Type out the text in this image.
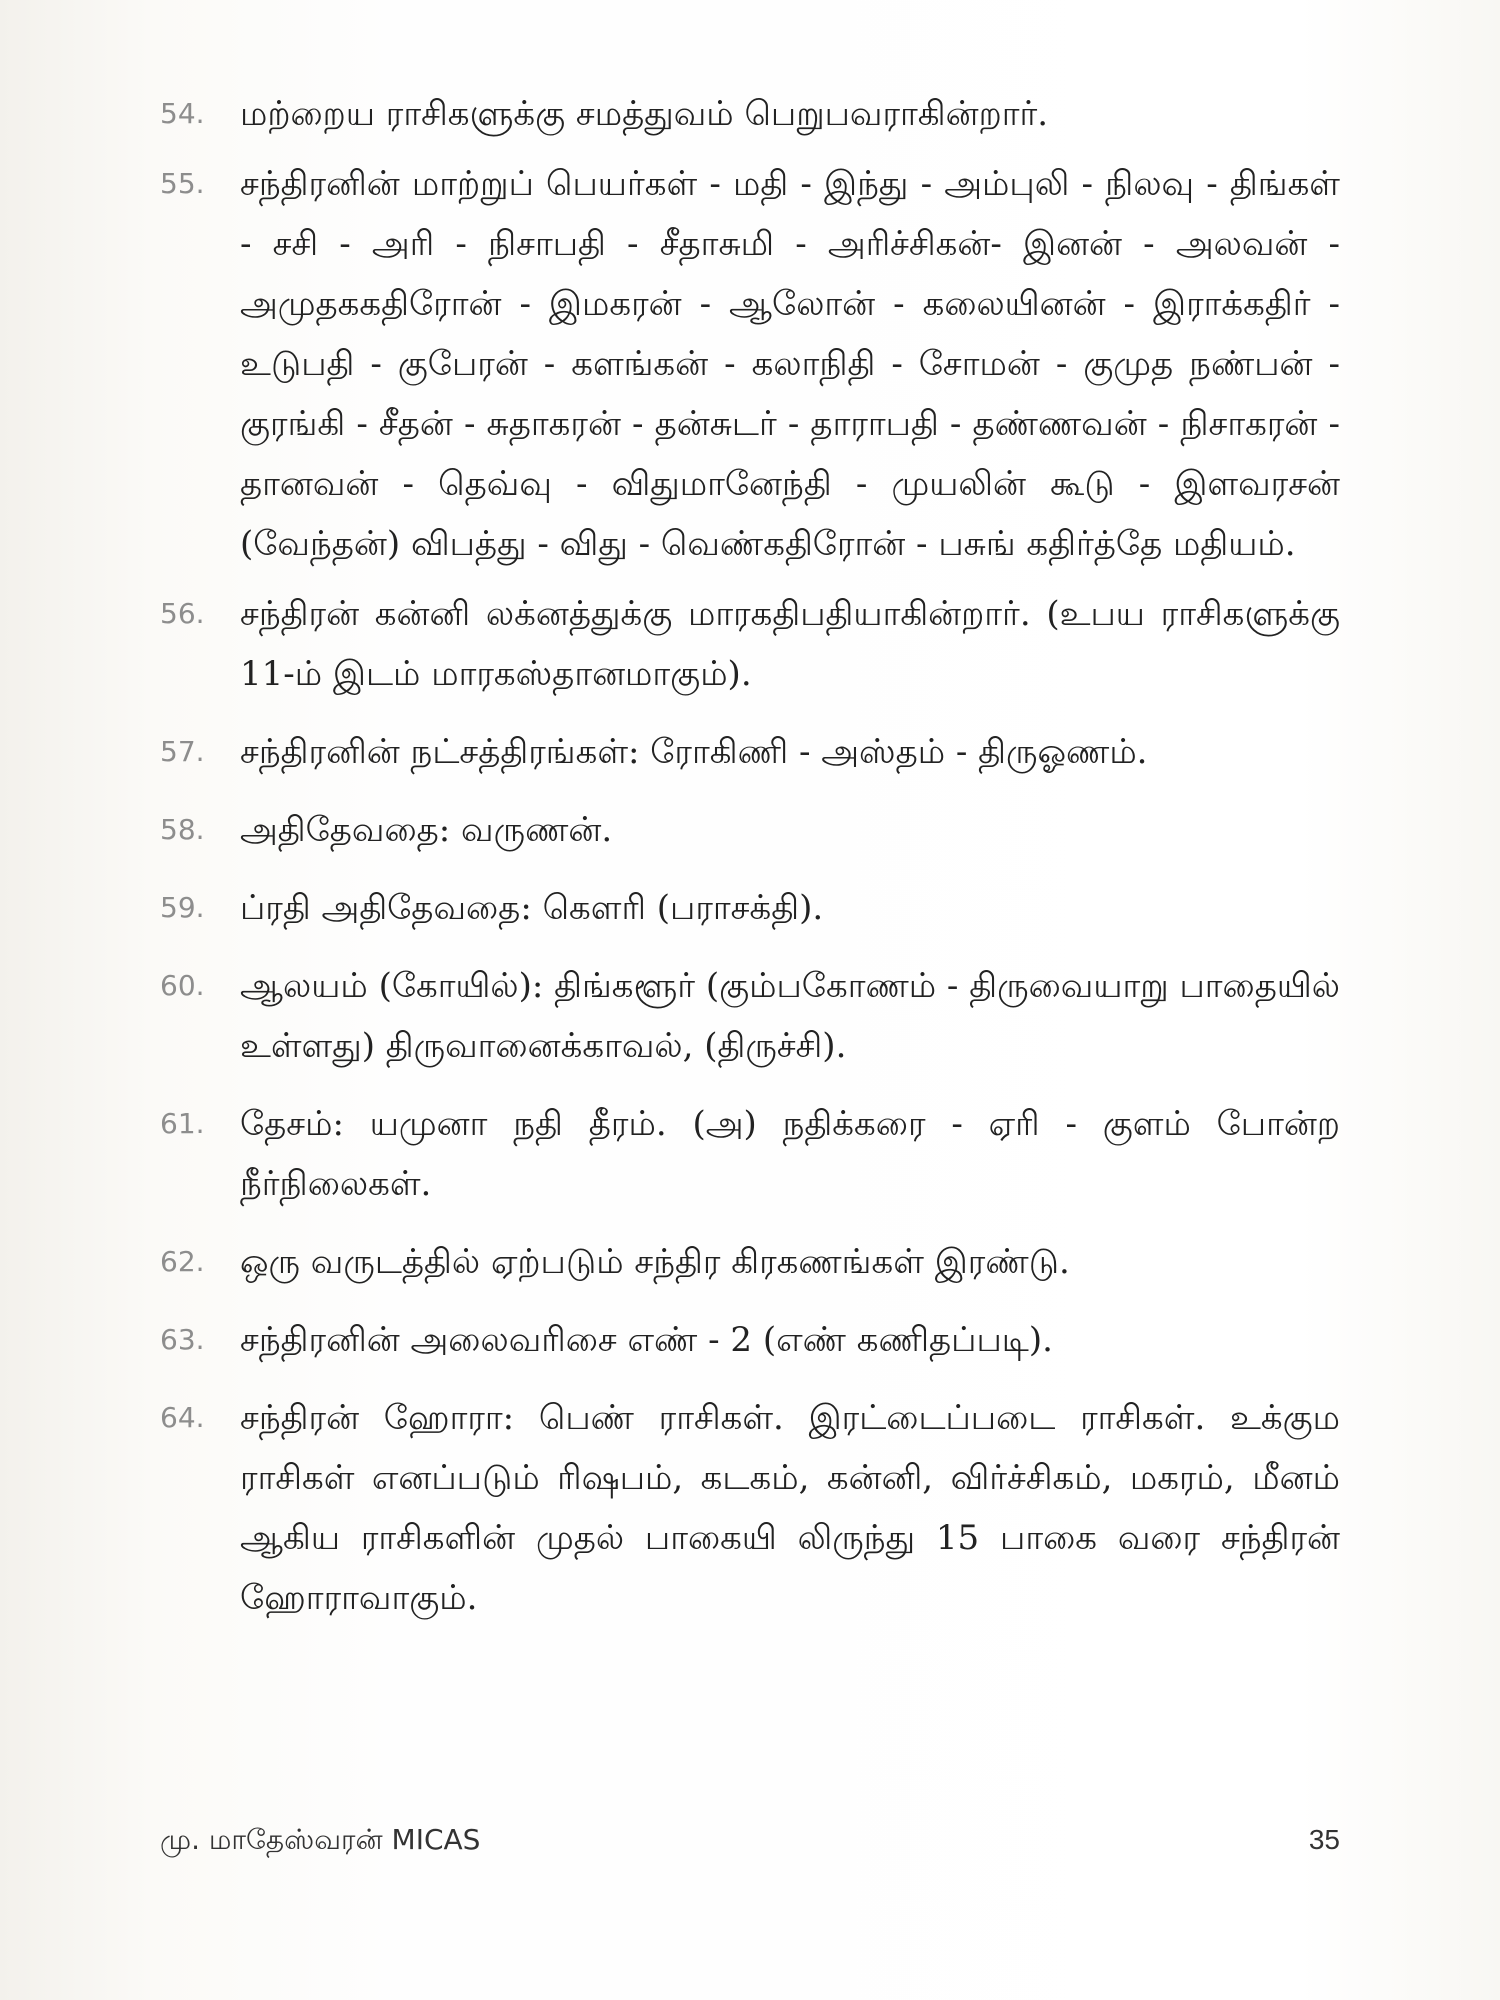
54.	மற்றைய ராசிகளுக்கு சமத்துவம் பெறுபவராகின்றார்.
55.	சந்திரனின் மாற்றுப் பெயர்கள் - மதி - இந்து - அம்புலி - நிலவு - திங்கள் - சசி - அரி - நிசாபதி - சீதாசுமி - அரிச்சிகன்- இனன் - அலவன் - அமுதககதிரோன் - இமகரன் - ஆலோன் - கலையினன் - இராக்கதிர் - உடுபதி - குபேரன் - களங்கன் - கலாநிதி - சோமன் - குமுத நண்பன் - குரங்கி - சீதன் - சுதாகரன் - தன்சுடர் - தாராபதி - தண்ணவன் - நிசாகரன் - தானவன் - தெவ்வு - விதுமானேந்தி - முயலின் கூடு - இளவரசன் (வேந்தன்) விபத்து - விது - வெண்கதிரோன் - பசுங் கதிர்த்தே மதியம்.
56.	சந்திரன் கன்னி லக்னத்துக்கு மாரகதிபதியாகின்றார். (உபய ராசிகளுக்கு 11-ம் இடம் மாரகஸ்தானமாகும்).
57.	சந்திரனின் நட்சத்திரங்கள்: ரோகிணி - அஸ்தம் - திருஓணம்.
58.	அதிதேவதை: வருணன்.
59.	ப்ரதி அதிதேவதை: கௌரி (பராசக்தி).
60.	ஆலயம் (கோயில்): திங்களூர் (கும்பகோணம் - திருவையாறு பாதையில் உள்ளது) திருவானைக்காவல், (திருச்சி).
61.	தேசம்: யமுனா நதி தீரம். (அ) நதிக்கரை - ஏரி - குளம் போன்ற நீர்நிலைகள்.
62.	ஒரு வருடத்தில் ஏற்படும் சந்திர கிரகணங்கள் இரண்டு.
63.	சந்திரனின் அலைவரிசை எண் - 2 (எண் கணிதப்படி).
64.	சந்திரன் ஹோரா: பெண் ராசிகள். இரட்டைப்படை ராசிகள். உக்கும ராசிகள் எனப்படும் ரிஷபம், கடகம், கன்னி, விர்ச்சிகம், மகரம், மீனம் ஆகிய ராசிகளின் முதல் பாகையி லிருந்து 15 பாகை வரை சந்திரன் ஹோராவாகும்.
மு. மாதேஸ்வரன் MICAS	35
